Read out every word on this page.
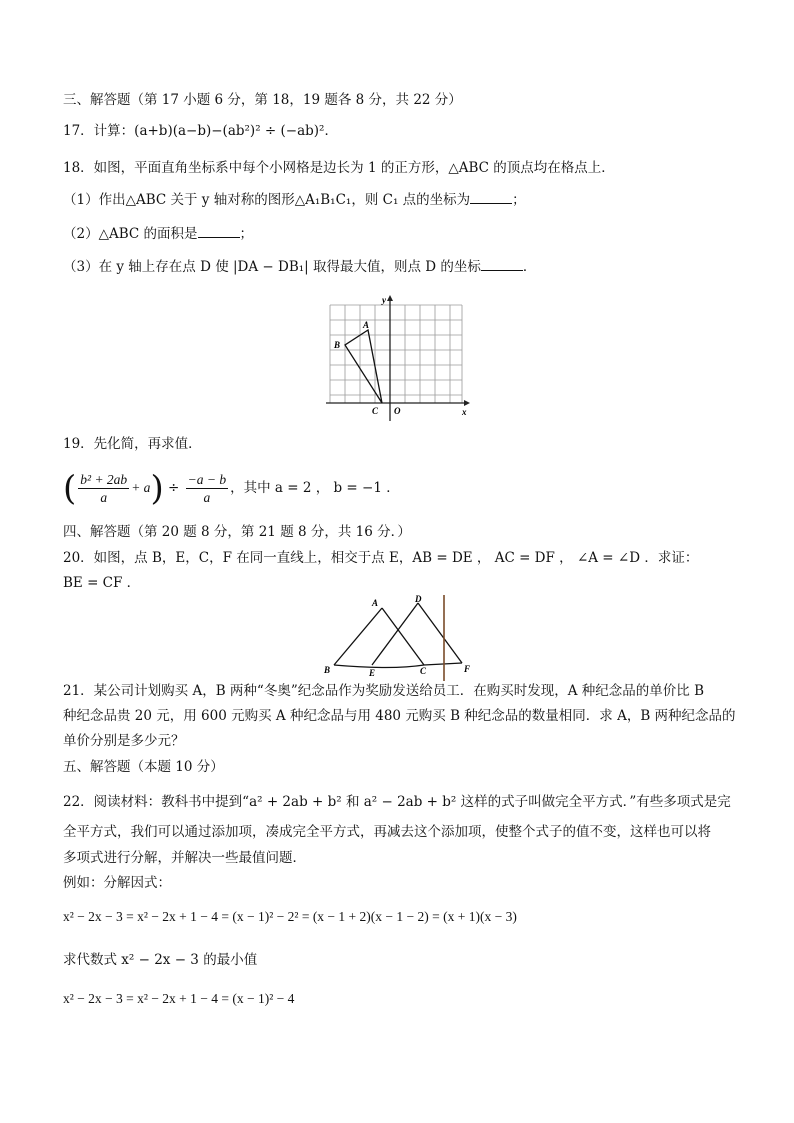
三、解答题（第 17 小题 6 分，第 18，19 题各 8 分，共 22 分）
17．计算：(a+b)(a−b)−(ab²)² ÷ (−ab)²．
18．如图，平面直角坐标系中每个小网格是边长为 1 的正方形，△ABC 的顶点均在格点上．
（1）作出△ABC 关于 y 轴对称的图形△A₁B₁C₁，则 C₁ 点的坐标为	；
（2）△ABC 的面积是	；
（3）在 y 轴上存在点 D 使 |DA − DB₁| 取得最大值，则点 D 的坐标	．
A
B
C O
y
x
19．先化简，再求值．
( $\frac{\text{b² + 2ab}}{a} + a) \div \frac{-a - b}{a}$ ，其中 a = 2 ， b = −1 ．
四、解答题（第 20 题 8 分，第 21 题 8 分，共 16 分．）
20．如图，点 B，E，C，F 在同一直线上，相交于点 E，AB = DE ， AC = DF ， ∠A = ∠D ．求证：
BE = CF ．
A	D
B	E	C	F
21．某公司计划购买 A，B 两种“冬奥”纪念品作为奖励发送给员工．在购买时发现，A 种纪念品的单价比 B
种纪念品贵 20 元，用 600 元购买 A 种纪念品与用 480 元购买 B 种纪念品的数量相同．求 A，B 两种纪念品的
单价分别是多少元？
五、解答题（本题 10 分）
22．阅读材料：教科书中提到“a² + 2ab + b² 和 a² − 2ab + b² 这样的式子叫做完全平方式．”有些多项式是完
全平方式，我们可以通过添加项，凑成完全平方式，再减去这个添加项，使整个式子的值不变，这样也可以将
多项式进行分解，并解决一些最值问题．
例如：分解因式：
x² − 2x − 3 = x² − 2x + 1 − 4 = (x − 1)² − 2² = (x − 1 + 2)(x − 1 − 2) = (x + 1)(x − 3)
求代数式 x² − 2x − 3 的最小值
x² − 2x − 3 = x² − 2x + 1 − 4 = (x − 1)² − 4
